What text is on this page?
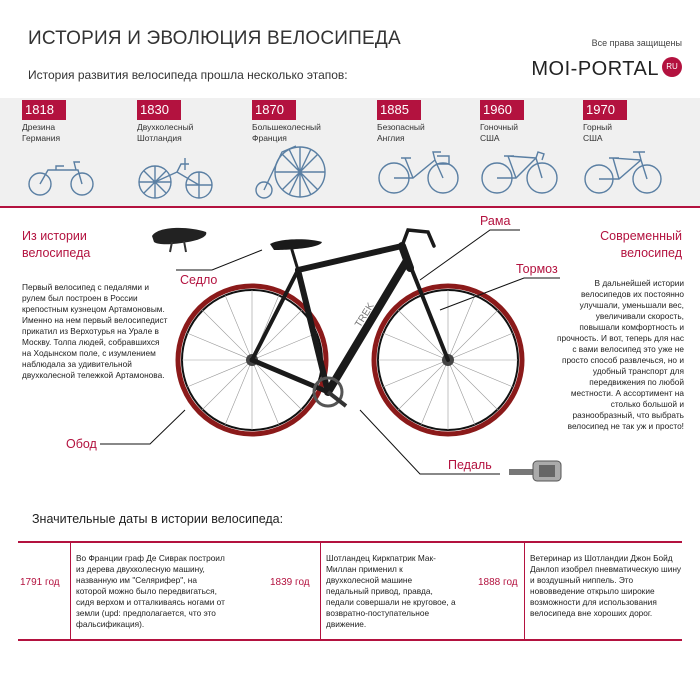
ИСТОРИЯ И ЭВОЛЮЦИЯ ВЕЛОСИПЕДА	Все права защищены
MOI-PORTAL RU
История развития велосипеда прошла несколько этапов:
1818
Дрезина
Германия
1830
Двухколесный
Шотландия
1870
Большеколесный
Франция
1885
Безопасный
Англия
1960
Гоночный
США
1970
Горный
США
Из истории
велосипеда
Первый велосипед с педалями и рулем был построен в России крепостным кузнецом Артамоновым. Именно на нем первый велосипедист прикатил из Верхотурья на Урале в Москву. Толпа людей, собравшихся на Ходынском поле, с изумлением наблюдала за удивительной двухколесной тележкой Артамонова.
Современный
велосипед
В дальнейшей истории велосипедов их постоянно улучшали, уменьшали вес, увеличивали скорость, повышали комфортность и прочность. И вот, теперь для нас с вами велосипед это уже не просто способ развлечься, но и удобный транспорт для передвижения по любой местности. А ассортимент на столько большой и разнообразный, что выбрать велосипед не так уж и просто!
TREK
Седло
Рама
Тормоз
Обод
Педаль
Значительные даты в истории велосипеда:
1791 год
Во Франции граф Де Сиврак построил из дерева двухколесную машину, названную им "Селярифер", на которой можно было передвигаться, сидя верхом и отталкиваясь ногами от земли (upd: предполагается, что это фальсификация).
1839 год
Шотландец Киркпатрик Мак-Миллан применил к двухколесной машине педальный привод, правда, педали совершали не круговое, а возвратно-поступательное движение.
1888 год
Ветеринар из Шотландии Джон Бойд Данлоп изобрел пневматическую шину и воздушный ниппель. Это нововведение открыло широкие возможности для использования велосипеда вне хороших дорог.
